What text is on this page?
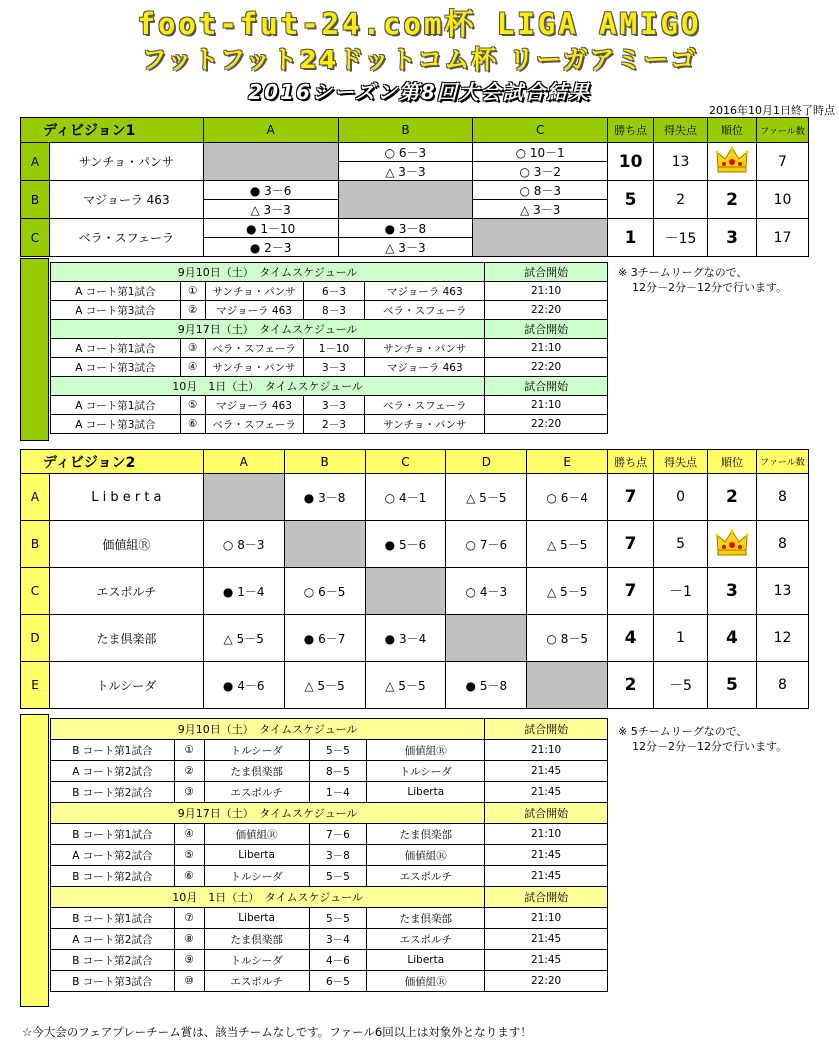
foot-fut-24.com杯 LIGA AMIGO
フットフット24ドットコム杯 リーガアミーゴ
2016シーズン第8回大会試合結果
2016年10月1日終了時点
ディビジョン1		A	B	C	勝ち点	得失点	順位	ファール数
A	サンチョ・パンサ		○ 6－3	○ 10－1	10	13		7
			△ 3－3	○ 3－2				
B	マジョーラ 463	● 3－6		○ 8－3	5	2	2	10
		△ 3－3		△ 3－3				
C	ベラ・スフェーラ	● 1－10	● 3－8		1	－15	3	17
		● 2－3	△ 3－3					
9月10日（土）　タイムスケジュール					試合開始
A コート第1試合	①	サンチョ・パンサ	6－3	マジョーラ 463	21:10
A コート第3試合	②	マジョーラ 463	8－3	ベラ・スフェーラ	22:20
9月17日（土）　タイムスケジュール					試合開始
A コート第1試合	③	ベラ・スフェーラ	1－10	サンチョ・パンサ	21:10
A コート第3試合	④	サンチョ・パンサ	3－3	マジョーラ 463	22:20
10月　1日（土）　タイムスケジュール					試合開始
A コート第1試合	⑤	マジョーラ 463	3－3	ベラ・スフェーラ	21:10
A コート第3試合	⑥	ベラ・スフェーラ	2－3	サンチョ・パンサ	22:20
※ 3チームリーグなので、
12分－2分－12分で行います。
ディビジョン2		A	B	C	D	E	勝ち点	得失点	順位	ファール数
A	L i b e r t a		● 3－8	○ 4－1	△ 5－5	○ 6－4	7	0	2	8
B	価値組Ⓡ	○ 8－3		● 5－6	○ 7－6	△ 5－5	7	5		8
C	エスポルチ	● 1－4	○ 6－5		○ 4－3	△ 5－5	7	－1	3	13
D	たま倶楽部	△ 5－5	● 6－7	● 3－4		○ 8－5	4	1	4	12
E	トルシーダ	● 4－6	△ 5－5	△ 5－5	● 5－8		2	－5	5	8
9月10日（土）　タイムスケジュール					試合開始
B コート第1試合	①	トルシーダ	5－5	価値組Ⓡ	21:10
A コート第2試合	②	たま倶楽部	8－5	トルシーダ	21:45
B コート第2試合	③	エスポルチ	1－4	Liberta	21:45
9月17日（土）　タイムスケジュール					試合開始
B コート第1試合	④	価値組Ⓡ	7－6	たま倶楽部	21:10
A コート第2試合	⑤	Liberta	3－8	価値組Ⓡ	21:45
B コート第2試合	⑥	トルシーダ	5－5	エスポルチ	21:45
10月　1日（土）　タイムスケジュール					試合開始
B コート第1試合	⑦	Liberta	5－5	たま倶楽部	21:10
A コート第2試合	⑧	たま倶楽部	3－4	エスポルチ	21:45
B コート第2試合	⑨	トルシーダ	4－6	Liberta	21:45
B コート第3試合	⑩	エスポルチ	6－5	価値組Ⓡ	22:20
※ 5チームリーグなので、
12分－2分－12分で行います。
☆今大会のフェアプレーチーム賞は、該当チームなしです。ファール6回以上は対象外となります！
